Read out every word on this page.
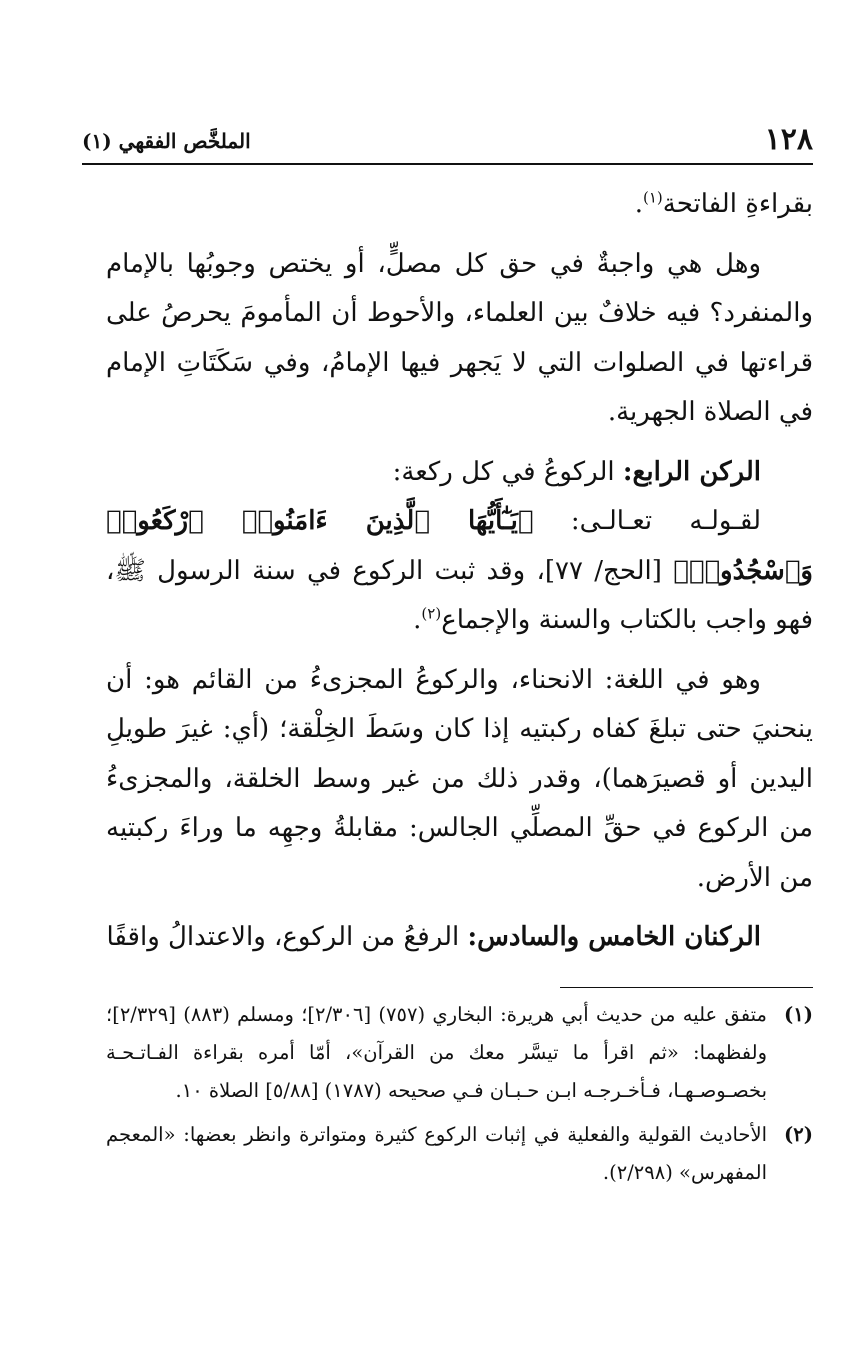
١٢٨
الملخَّص الفقهي (١)

بقراءةِ الفاتحة$^{(١)}$.

وهل هي واجبةٌ في حق كل مصلٍّ، أو يختص وجوبُها بالإمام والمنفرد؟ فيه خلافٌ بين العلماء، والأحوط أن المأمومَ يحرصُ على قراءتها في الصلوات التي لا يَجهر فيها الإمامُ، وفي سَكَتَاتِ الإمام في الصلاة الجهرية.

الركن الرابع: الركوعُ في كل ركعة:

لقـولـه تعـالـى: ﴿يَـٰٓأَيُّهَا ٱلَّذِينَ ءَامَنُوا۟ ٱرْكَعُوا۟ وَٱسْجُدُوا۟﴾ [الحج/ ٧٧]، وقد ثبت الركوع في سنة الرسول ﷺ، فهو واجب بالكتاب والسنة والإجماع$^{(٢)}$.

وهو في اللغة: الانحناء، والركوعُ المجزىءُ من القائم هو: أن ينحنيَ حتى تبلغَ كفاه ركبتيه إذا كان وسَطَ الخِلْقة؛ (أي: غيرَ طويلِ اليدين أو قصيرَهما)، وقدر ذلك من غير وسط الخلقة، والمجزىءُ من الركوع في حقِّ المصلِّي الجالس: مقابلةُ وجهِه ما وراءَ ركبتيه من الأرض.

الركنان الخامس والسادس: الرفعُ من الركوع، والاعتدالُ واقفًا

(١)
متفق عليه من حديث أبي هريرة: البخاري (٧٥٧) [٢/٣٠٦]؛ ومسلم (٨٨٣) [٢/٣٢٩]؛ ولفظهما: «ثم اقرأ ما تيسَّر معك من القرآن»، أمّا أمره بقراءة الفـاتـحـة بخصـوصـهـا، فـأخـرجـه ابـن حـبـان فـي صحيحه (١٧٨٧) [٥/٨٨] الصلاة ١٠.

(٢)
الأحاديث القولية والفعلية في إثبات الركوع كثيرة ومتواترة وانظر بعضها: «المعجم المفهرس» (٢/٢٩٨).
